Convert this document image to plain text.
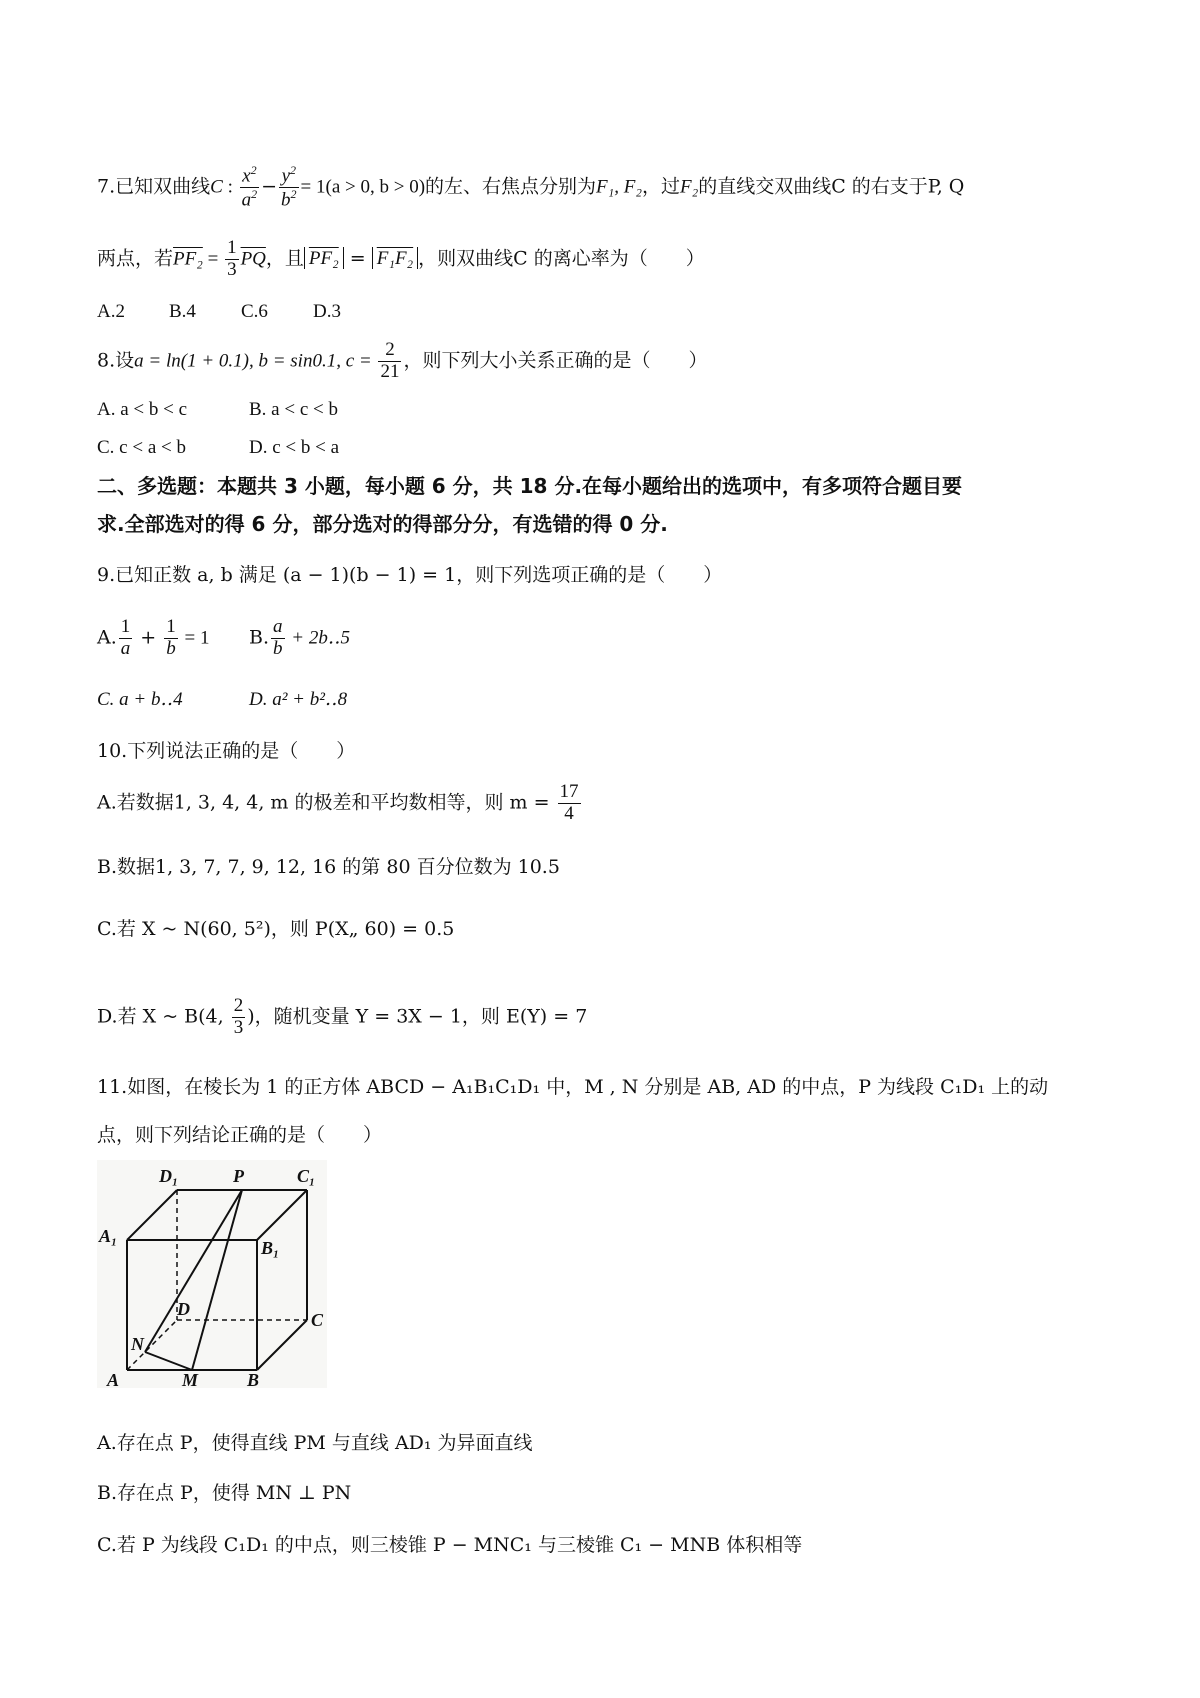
7.已知双曲线C : $\frac{x^2}{a^2} - \frac{y^2}{b^2} = 1(a > 0$, b > 0)的左、右焦点分别为F₁, F₂，过F₂的直线交双曲线C 的右支于P, Q
两点，若$PF_2 = \frac{1}{3} \overline{PQ}$，且 PF₂ = F₁F₂ ，则双曲线C 的离心率为（　　）
A.2 B.4 C.6 D.3
8.设a = ln(1 + 0.1), b = sin0.1, $c = \frac{2}{21}$ ，则下列大小关系正确的是（　　）
A. a < b < c	B. a < c < b
C. c < a < b	D. c < b < a
二、多选题：本题共 3 小题，每小题 6 分，共 18 分.在每小题给出的选项中，有多项符合题目要
求.全部选对的得 6 分，部分选对的得部分分，有选错的得 0 分.
9.已知正数 a, b 满足 (a − 1)(b − 1) = 1，则下列选项正确的是（　　）
A. $\frac{1}{a} + \frac{1}{b} = 1$ B. $\frac{a}{b}$ + 2b‥5
C. a + b‥4	D. a² + b²‥8
10.下列说法正确的是（　　）
A.若数据1, 3, 4, 4, m 的极差和平均数相等，则 $m = \frac{17}{4}$
B.数据1, 3, 7, 7, 9, 12, 16 的第 80 百分位数为 10.5
C.若 X ~ N(60, 5²)，则 P(X„ 60) = 0.5
D.若 X ~ B(4, $\frac{2}{3}$ )，随机变量 Y = 3X − 1，则 E(Y) = 7
11.如图，在棱长为 1 的正方体 ABCD − A₁B₁C₁D₁ 中，M , N 分别是 AB, AD 的中点，P 为线段 C₁D₁ 上的动
点，则下列结论正确的是（　　）
D₁	P	C₁
A₁
B₁
D
C
N
A	M	B
A.存在点 P，使得直线 PM 与直线 AD₁ 为异面直线
B.存在点 P，使得 MN ⊥ PN
C.若 P 为线段 C₁D₁ 的中点，则三棱锥 P − MNC₁ 与三棱锥 C₁ − MNB 体积相等
